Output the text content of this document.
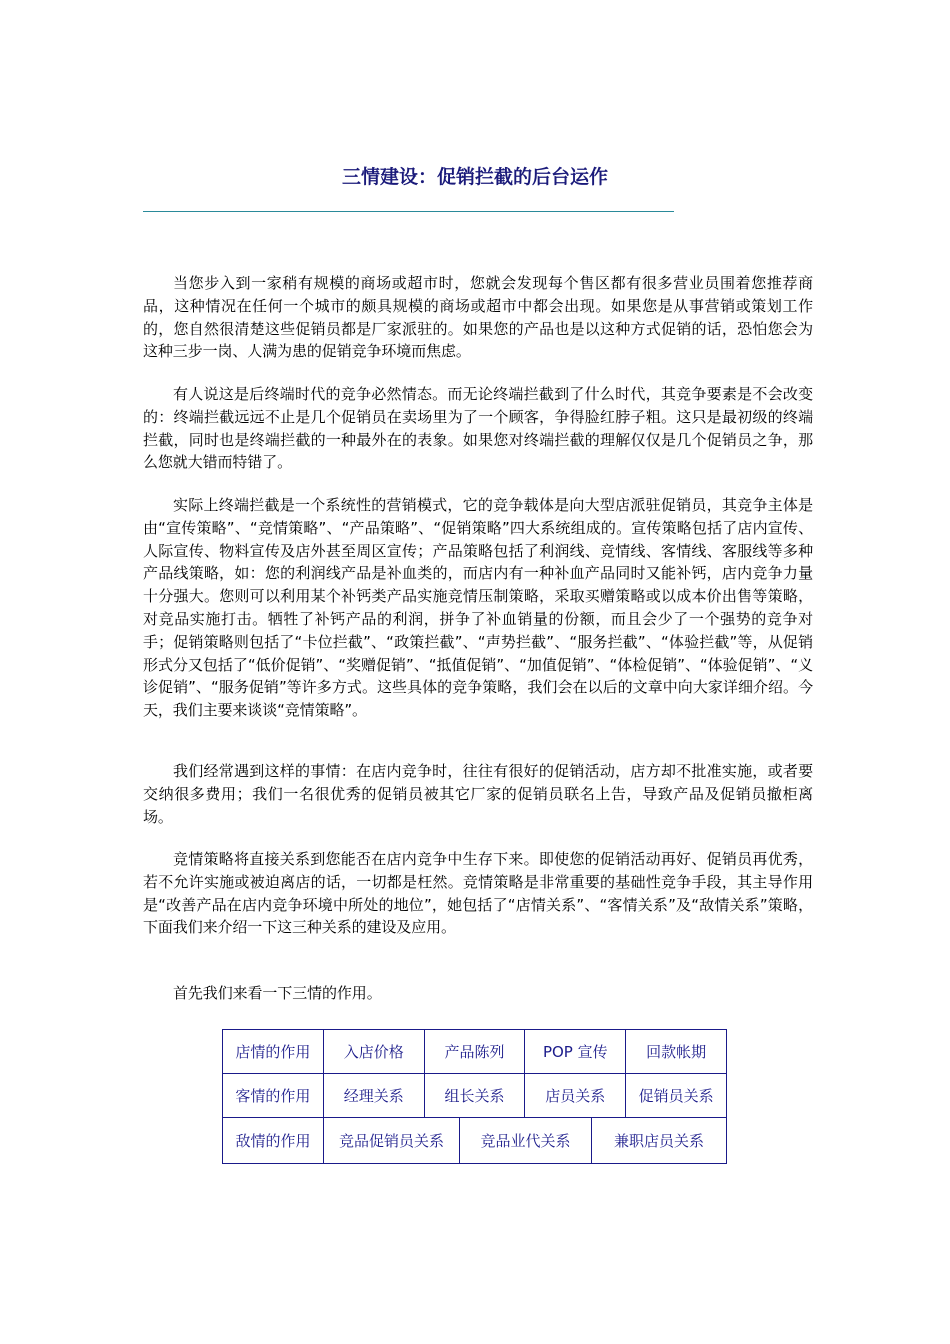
三情建设：促销拦截的后台运作

当您步入到一家稍有规模的商场或超市时，您就会发现每个售区都有很多营业员围着您推荐商品，这种情况在任何一个城市的颇具规模的商场或超市中都会出现。如果您是从事营销或策划工作的，您自然很清楚这些促销员都是厂家派驻的。如果您的产品也是以这种方式促销的话，恐怕您会为这种三步一岗、人满为患的促销竞争环境而焦虑。

有人说这是后终端时代的竞争必然情态。而无论终端拦截到了什么时代，其竞争要素是不会改变的：终端拦截远远不止是几个促销员在卖场里为了一个顾客，争得脸红脖子粗。这只是最初级的终端拦截，同时也是终端拦截的一种最外在的表象。如果您对终端拦截的理解仅仅是几个促销员之争，那么您就大错而特错了。

实际上终端拦截是一个系统性的营销模式，它的竞争载体是向大型店派驻促销员，其竞争主体是由“宣传策略”、“竞情策略”、“产品策略”、“促销策略”四大系统组成的。宣传策略包括了店内宣传、人际宣传、物料宣传及店外甚至周区宣传；产品策略包括了利润线、竞情线、客情线、客服线等多种产品线策略，如：您的利润线产品是补血类的，而店内有一种补血产品同时又能补钙，店内竞争力量十分强大。您则可以利用某个补钙类产品实施竞情压制策略，采取买赠策略或以成本价出售等策略，对竞品实施打击。牺牲了补钙产品的利润，拼争了补血销量的份额，而且会少了一个强势的竞争对手；促销策略则包括了“卡位拦截”、“政策拦截”、“声势拦截”、“服务拦截”、“体验拦截”等，从促销形式分又包括了“低价促销”、“奖赠促销”、“抵值促销”、“加值促销”、“体检促销”、“体验促销”、“义诊促销”、“服务促销”等许多方式。这些具体的竞争策略，我们会在以后的文章中向大家详细介绍。今天，我们主要来谈谈“竞情策略”。

我们经常遇到这样的事情：在店内竞争时，往往有很好的促销活动，店方却不批准实施，或者要交纳很多费用；我们一名很优秀的促销员被其它厂家的促销员联名上告，导致产品及促销员撤柜离场。

竞情策略将直接关系到您能否在店内竞争中生存下来。即使您的促销活动再好、促销员再优秀，若不允许实施或被迫离店的话，一切都是枉然。竞情策略是非常重要的基础性竞争手段，其主导作用是“改善产品在店内竞争环境中所处的地位”，她包括了“店情关系”、“客情关系”及“敌情关系”策略，下面我们来介绍一下这三种关系的建设及应用。

首先我们来看一下三情的作用。

店情的作用	入店价格	产品陈列	POP 宣传	回款帐期
客情的作用	经理关系	组长关系	店员关系	促销员关系
敌情的作用	竞品促销员关系	竞品业代关系	兼职店员关系
